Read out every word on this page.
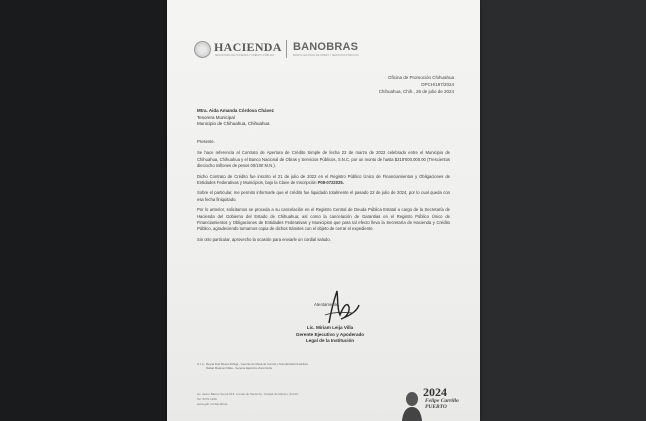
HACIENDA
SECRETARÍA DE HACIENDA Y CRÉDITO PÚBLICO
BANOBRAS
BANCO NACIONAL DE OBRAS Y SERVICIOS PÚBLICOS
Oficina de Promoción Chihuahua
OPCH/197/2024
Chihuahua, Chih., 26 de julio de 2024
Mtra. Aida Amanda Córdova Chávez
Tesorera Municipal
Municipio de Chihuahua, Chihuahua

Presente.

Se hace referencia al Contrato de Apertura de Crédito Simple de fecha 22 de marzo de 2022 celebrado entre el Municipio de Chihuahua, Chihuahua y el Banco Nacional de Obras y Servicios Públicos, S.N.C. por un monto de hasta $318'000,000.00 (Trescientos dieciocho millones de pesos 00/100 M.N.).

Dicho Contrato de Crédito fue inscrito el 21 de julio de 2022 en el Registro Público Único de Financiamientos y Obligaciones de Entidades Federativas y Municipios, bajo la Clave de Inscripción P08-0722025.

Sobre el particular, me permito informarle que el crédito fue liquidado totalmente el pasado 22 de julio de 2024, por lo cual queda con esa fecha finiquitado.

Por lo anterior, solicitamos se proceda a su cancelación en el Registro Central de Deuda Pública Estatal a cargo de la Secretaría de Hacienda del Gobierno del Estado de Chihuahua; así como la cancelación de Garantías en el Registro Público Único de Financiamientos y Obligaciones de Entidades Federativas y Municipios que para tal efecto lleva la Secretaría de Hacienda y Crédito Público, agradeciendo turnarnos copia de dichos trámites con el objeto de cerrar el expediente.

Sin otro particular, aprovecho la ocasión para enviarle un cordial saludo.

Atentamente,
Lic. Miriam Leija Villa
Gerente Ejecutivo y Apoderado
Legal de la Institución
C.c.p.- Reyna Itzel Rivera Zúñiga.- Gerente de Mesa de Control y Normatividad Crediticia
Rafael Marquez Mata.- Gerente Ejecutivo Zona Norte
Av. Javier Barros Sierra 515, Lomas de Santa Fe, Ciudad de México, 01219.
Tel: 5270 1200
www.gob.mx/banobras
2024
Felipe Carrillo
PUERTO
